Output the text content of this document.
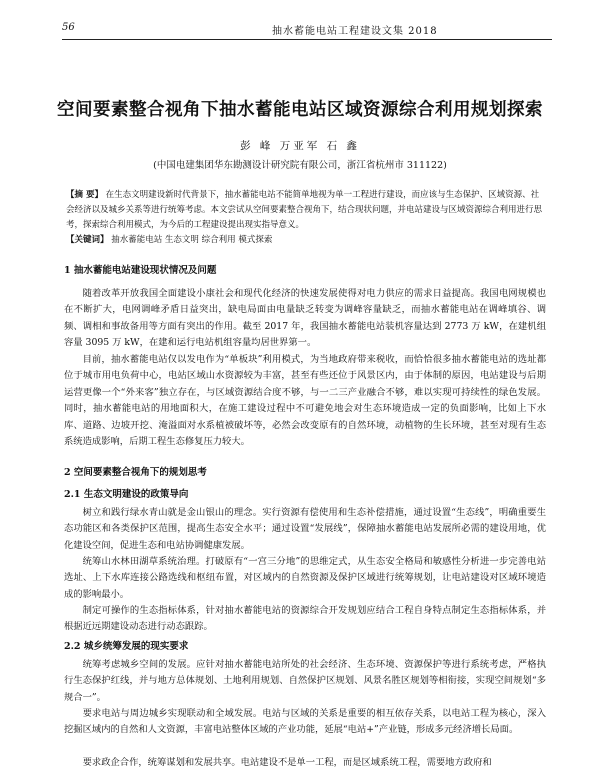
56	抽水蓄能电站工程建设文集 2018
空间要素整合视角下抽水蓄能电站区域资源综合利用规划探索
彭 峰 万亚军 石 鑫
(中国电建集团华东勘测设计研究院有限公司，浙江省杭州市 311122)
【摘 要】 在生态文明建设新时代背景下，抽水蓄能电站不能简单地视为单一工程进行建设，而应该与生态保护、区域资源、社会经济以及城乡关系等进行统筹考虑。本文尝试从空间要素整合视角下，结合现状问题，并电站建设与区域资源综合利用进行思考，探索综合利用模式，为今后的工程建设提出现实指导意义。
【关键词】 抽水蓄能电站 生态文明 综合利用 模式探索
1 抽水蓄能电站建设现状情况及问题
随着改革开放我国全面建设小康社会和现代化经济的快速发展使得对电力供应的需求日益提高。我国电网规模也在不断扩大，电网调峰矛盾日益突出，缺电局面由电量缺乏转变为调峰容量缺乏，而抽水蓄能电站在调峰填谷、调频、调相和事故备用等方面有突出的作用。截至 2017 年，我国抽水蓄能电站装机容量达到 2773 万 kW，在建机组容量 3095 万 kW，在建和运行电站机组容量均居世界第一。
目前，抽水蓄能电站仅以发电作为“单板块”利用模式，为当地政府带来税收，而恰恰很多抽水蓄能电站的选址都位于城市用电负荷中心，电站区域山水资源较为丰富，甚至有些还位于风景区内，由于体制的原因，电站建设与后期运营更像一个“外来客”独立存在，与区域资源结合度不够，与一二三产业融合不够，难以实现可持续性的绿色发展。同时，抽水蓄能电站的用地面积大，在施工建设过程中不可避免地会对生态环境造成一定的负面影响，比如上下水库、道路、边坡开挖、淹溢面对水系植被破坏等，必然会改变原有的自然环境，动植物的生长环境，甚至对现有生态系统造成影响，后期工程生态修复压力较大。
2 空间要素整合视角下的规划思考
2.1 生态文明建设的政策导向
树立和践行绿水青山就是金山银山的理念。实行资源有偿使用和生态补偿措施，通过设置“生态线”，明确重要生态功能区和各类保护区范围，提高生态安全水平；通过设置“发展线”，保障抽水蓄能电站发展所必需的建设用地，优化建设空间，促进生态和电站协调健康发展。
统筹山水林田湖草系统治理。打破原有“一宫三分地”的思维定式，从生态安全格局和敏感性分析进一步完善电站选址、上下水库连接公路选线和枢纽布置，对区域内的自然资源及保护区域进行统筹规划，让电站建设对区域环境造成的影响最小。
制定可操作的生态指标体系，针对抽水蓄能电站的资源综合开发规划应结合工程自身特点制定生态指标体系，并根据近远期建设动态进行动态跟踪。
2.2 城乡统筹发展的现实要求
统筹考虑城乡空间的发展。应针对抽水蓄能电站所处的社会经济、生态环境、资源保护等进行系统考虑，严格执行生态保护红线，并与地方总体规划、土地利用规划、自然保护区规划、风景名胜区规划等相衔接，实现空间规划“多规合一”。
要求电站与周边城乡实现联动和全域发展。电站与区域的关系是重要的相互依存关系，以电站工程为核心，深入挖掘区域内的自然和人文资源，丰富电站整体区域的产业功能，延展“电站+”产业链，形成多元经济增长局面。
要求政企合作，统筹谋划和发展共享。电站建设不是单一工程，而是区域系统工程，需要地方政府和
